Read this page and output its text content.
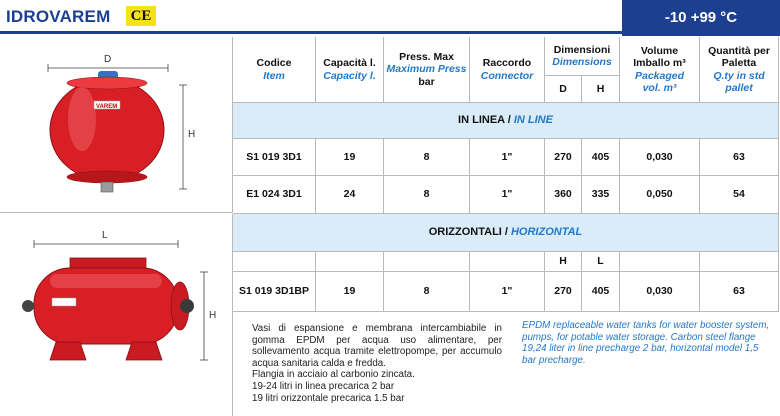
IDROVAREM	CE	-10 +99 °C
D
VAREM
H
L
H
Codice
Item
Capacità l.
Capacity l.
Press. Max
Maximum Press
bar
Raccordo
Connector
Dimensioni
Dimensions
D	H
Volume
Imballo m³
Packaged
vol. m³
Quantità per
Paletta
Q.ty in std
pallet
IN LINEA / IN LINE
S1 019 3D1	19	8	1"	270	405	0,030	63
E1 024 3D1	24	8	1"	360	335	0,050	54
ORIZZONTALI / HORIZONTAL
H	L
S1 019 3D1BP	19	8	1"	270	405	0,030	63
Vasi di espansione e membrana intercambiabile in gomma EPDM per acqua uso alimentare, per sollevamento acqua tramite elettropompe, per accumulo acqua sanitaria calda e fredda.
Flangia in acciaio al carbonio zincata.
19-24 litri in linea precarica 2 bar
19 litri orizzontale precarica 1.5 bar
EPDM replaceable water tanks for water booster system, pumps, for potable water storage. Carbon steel flange 19,24 liter in line precharge 2 bar, horizontal model 1,5 bar precharge.
